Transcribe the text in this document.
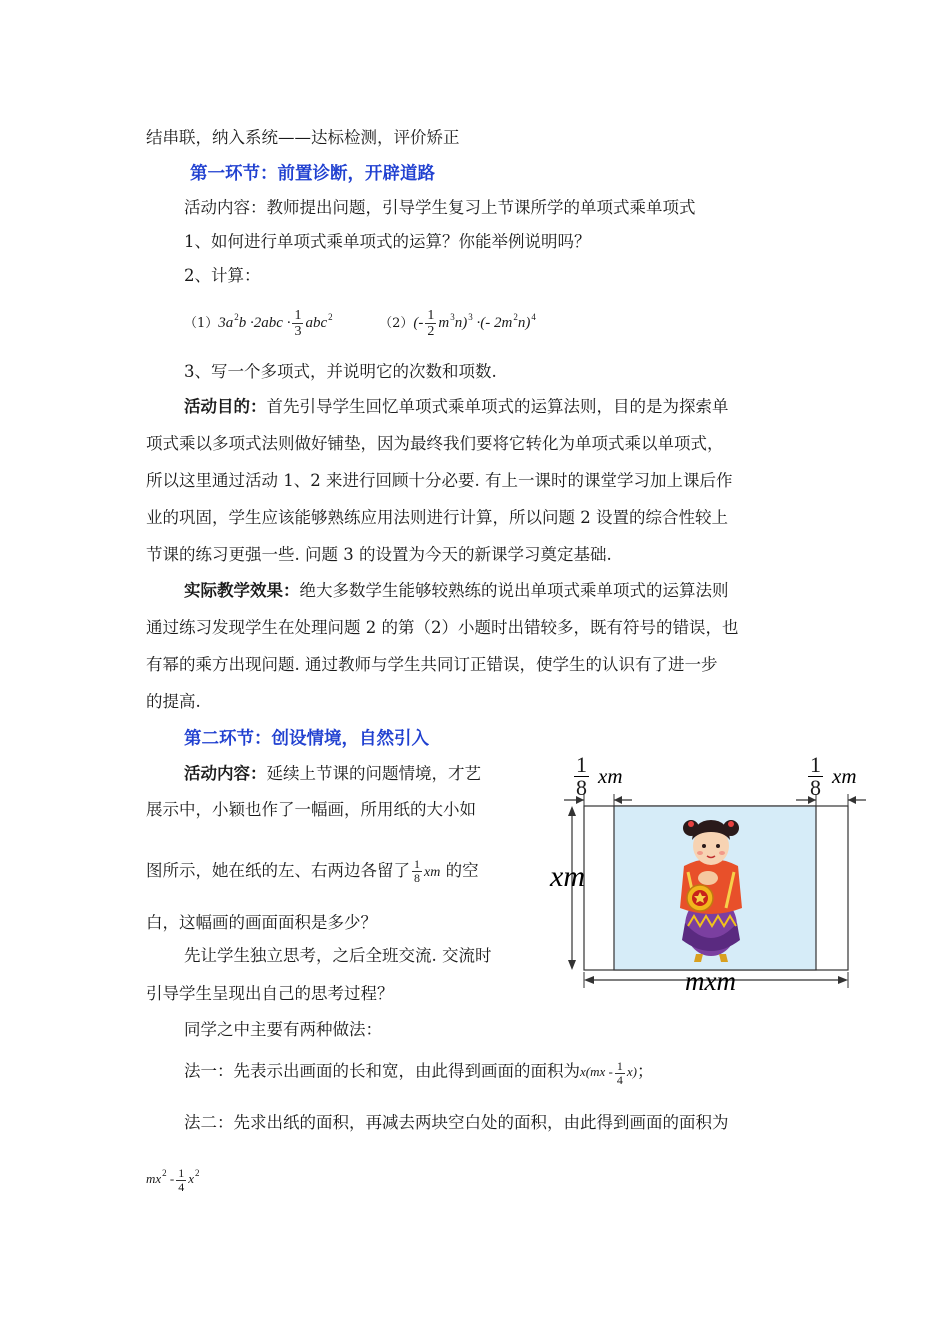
结串联，纳入系统——达标检测，评价矫正
第一环节：前置诊断，开辟道路
活动内容：教师提出问题，引导学生复习上节课所学的单项式乘单项式
1、如何进行单项式乘单项式的运算？你能举例说明吗？
2、计算：
$(1)3a^2b \cdot 2abc \cdot \frac{1}{3} abc^2$	$(2)(- \frac{1}{2} m^3n)^3$ ·(- $2m^2n)^4$
3、写一个多项式，并说明它的次数和项数.
活动目的：首先引导学生回忆单项式乘单项式的运算法则，目的是为探索单
项式乘以多项式法则做好铺垫，因为最终我们要将它转化为单项式乘以单项式，
所以这里通过活动 1、2 来进行回顾十分必要. 有上一课时的课堂学习加上课后作
业的巩固，学生应该能够熟练应用法则进行计算，所以问题 2 设置的综合性较上
节课的练习更强一些. 问题 3 的设置为今天的新课学习奠定基础.
实际教学效果：绝大多数学生能够较熟练的说出单项式乘单项式的运算法则
通过练习发现学生在处理问题 2 的第（2）小题时出错较多，既有符号的错误，也
有幂的乘方出现问题. 通过教师与学生共同订正错误，使学生的认识有了进一步
的提高.
第二环节：创设情境，自然引入
活动内容：延续上节课的问题情境，才艺
展示中，小颖也作了一幅画，所用纸的大小如
图所示，她在纸的左、右两边各留了 $\frac{1}{8}$ xm 的空
白，这幅画的画面面积是多少？
先让学生独立思考，之后全班交流. 交流时
引导学生呈现出自己的思考过程？
同学之中主要有两种做法：
法一：先表示出画面的长和宽，由此得到画面的面积为$x(mx - \frac{1}{4} x)$；
法二：先求出纸的面积，再减去两块空白处的面积，由此得到画面的面积为
$mx^2 - \frac{1}{4} x^2$
$\frac{1}{8}$ xm	$\frac{1}{8}$ xm
xm
mxm
